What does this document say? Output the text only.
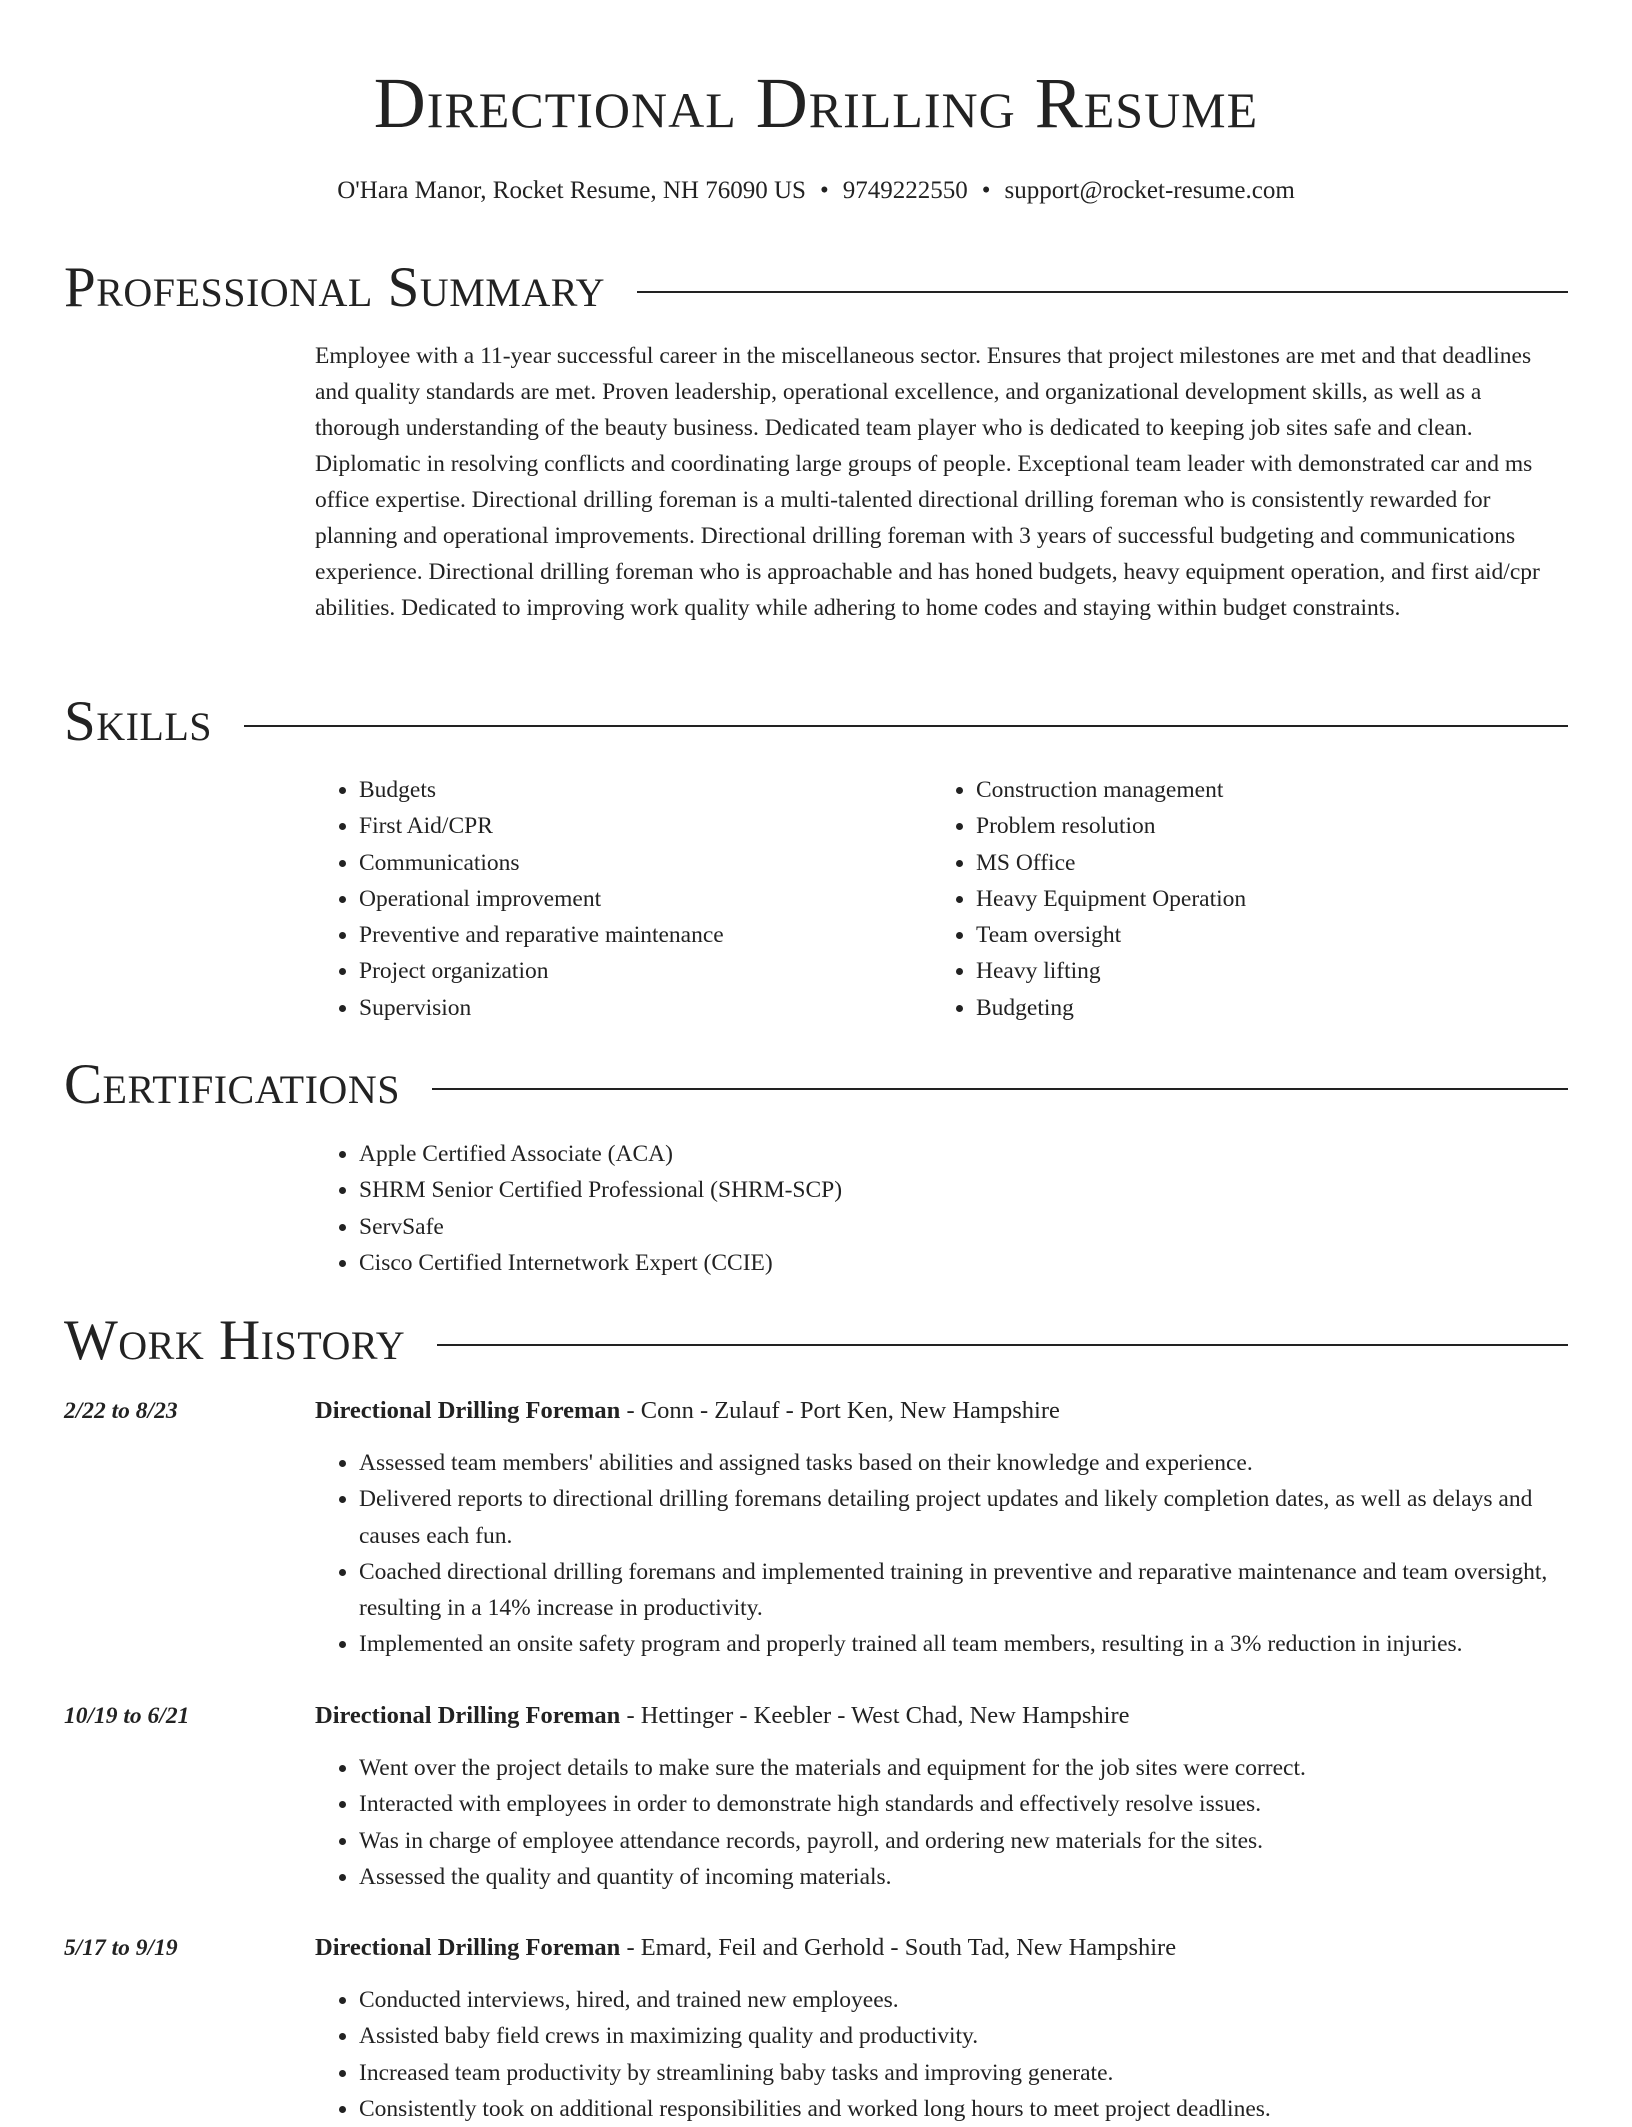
Directional Drilling Resume
O'Hara Manor, Rocket Resume, NH 76090 US • 9749222550 • support@rocket-resume.com
Professional Summary

Employee with a 11-year successful career in the miscellaneous sector. Ensures that project milestones are met and that deadlines and quality standards are met. Proven leadership, operational excellence, and organizational development skills, as well as a thorough understanding of the beauty business. Dedicated team player who is dedicated to keeping job sites safe and clean. Diplomatic in resolving conflicts and coordinating large groups of people. Exceptional team leader with demonstrated car and ms office expertise. Directional drilling foreman is a multi-talented directional drilling foreman who is consistently rewarded for planning and operational improvements. Directional drilling foreman with 3 years of successful budgeting and communications experience. Directional drilling foreman who is approachable and has honed budgets, heavy equipment operation, and first aid/cpr abilities. Dedicated to improving work quality while adhering to home codes and staying within budget constraints.

Skills
• Budgets
• First Aid/CPR
• Communications
• Operational improvement
• Preventive and reparative maintenance
• Project organization
• Supervision
• Construction management
• Problem resolution
• MS Office
• Heavy Equipment Operation
• Team oversight
• Heavy lifting
• Budgeting
Certifications
• Apple Certified Associate (ACA)
• SHRM Senior Certified Professional (SHRM-SCP)
• ServSafe
• Cisco Certified Internetwork Expert (CCIE)
Work History
2/22 to 8/23	Directional Drilling Foreman - Conn - Zulauf - Port Ken, New Hampshire
• Assessed team members' abilities and assigned tasks based on their knowledge and experience.
• Delivered reports to directional drilling foremans detailing project updates and likely completion dates, as well as delays and causes each fun.
• Coached directional drilling foremans and implemented training in preventive and reparative maintenance and team oversight, resulting in a 14% increase in productivity.
• Implemented an onsite safety program and properly trained all team members, resulting in a 3% reduction in injuries.
10/19 to 6/21	Directional Drilling Foreman - Hettinger - Keebler - West Chad, New Hampshire
• Went over the project details to make sure the materials and equipment for the job sites were correct.
• Interacted with employees in order to demonstrate high standards and effectively resolve issues.
• Was in charge of employee attendance records, payroll, and ordering new materials for the sites.
• Assessed the quality and quantity of incoming materials.
5/17 to 9/19	Directional Drilling Foreman - Emard, Feil and Gerhold - South Tad, New Hampshire
• Conducted interviews, hired, and trained new employees.
• Assisted baby field crews in maximizing quality and productivity.
• Increased team productivity by streamlining baby tasks and improving generate.
• Consistently took on additional responsibilities and worked long hours to meet project deadlines.
